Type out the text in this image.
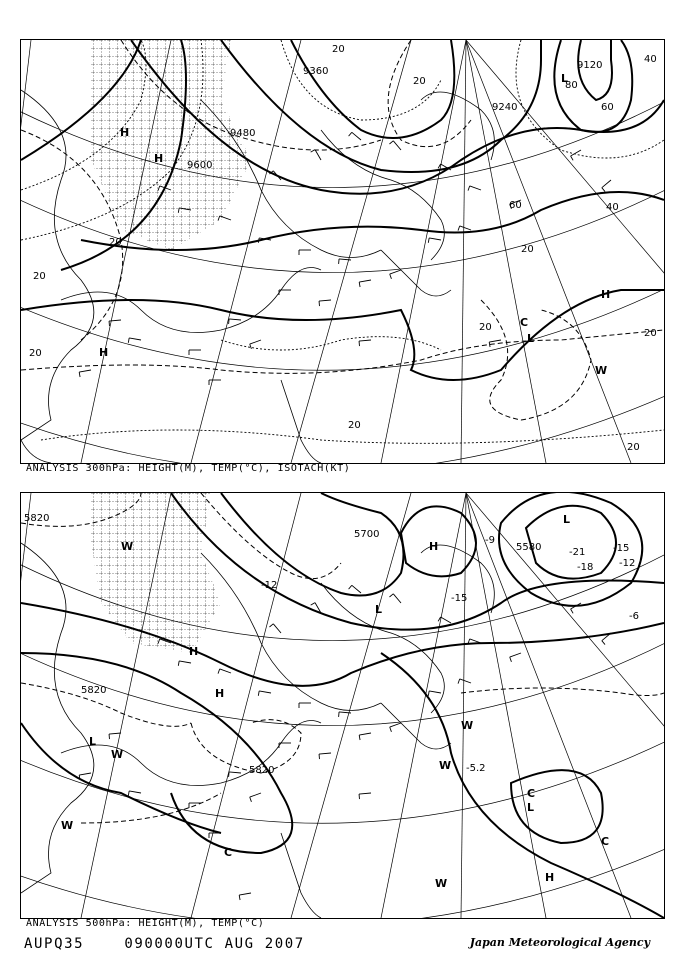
9120
9240
9360
9480
9600
20
40
60
80
20
40
60
20
20
20
20
20
20
20
20
H
H
H
L
H
C
L
W
ANALYSIS 300hPa: HEIGHT(M), TEMP(°C), ISOTACH(KT)
5820
5820
5700
5580
5820
-12
-21
-18
-15
-12
-6
-9
-15
-5.2
W	H
L
L
H
H
W
L
W
C
W
C
L
W
C
H
W
ANALYSIS 500hPa: HEIGHT(M), TEMP(°C)
AUPQ35	090000UTC AUG 2007	Japan Meteorological Agency
